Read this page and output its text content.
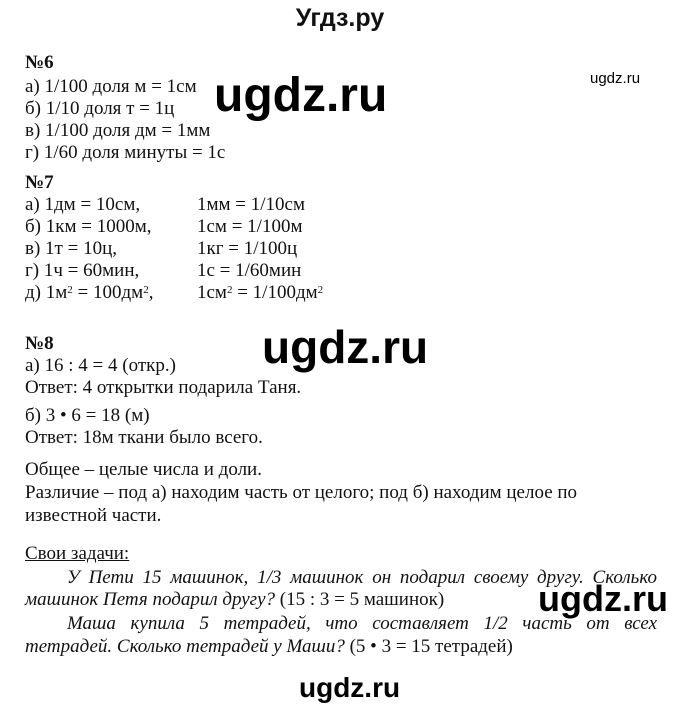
Угдз.ру
ugdz.ru
ugdz.ru
ugdz.ru
ugdz.ru
ugdz.ru
№6
а) 1/100 доля м = 1см
б) 1/10 доля т = 1ц
в) 1/100 доля дм = 1мм
г) 1/60 доля минуты = 1с
№7
а) 1дм = 10см,	1мм = 1/10см
б) 1км = 1000м, 1см = 1/100м
в) 1т = 10ц,	1кг = 1/100ц
г) 1ч = 60мин,	1с = 1/60мин
д) $1м^2 = 100дм^2$, $1см^2 = 1/100дм^2$
№8
а) 16 : 4 = 4 (откр.)
Ответ: 4 открытки подарила Таня.
б) 3 • 6 = 18 (м)
Ответ: 18м ткани было всего.
Общее – целые числа и доли.
Различие – под а) находим часть от целого; под б) находим целое по
известной части.
Свои задачи:
У Пети 15 машинок, 1/3 машинок он подарил своему другу. Сколько
машинок Петя подарил другу? (15 : 3 = 5 машинок)
Маша купила 5 тетрадей, что составляет 1/2 часть от всех
тетрадей. Сколько тетрадей у Маши? (5 • 3 = 15 тетрадей)
